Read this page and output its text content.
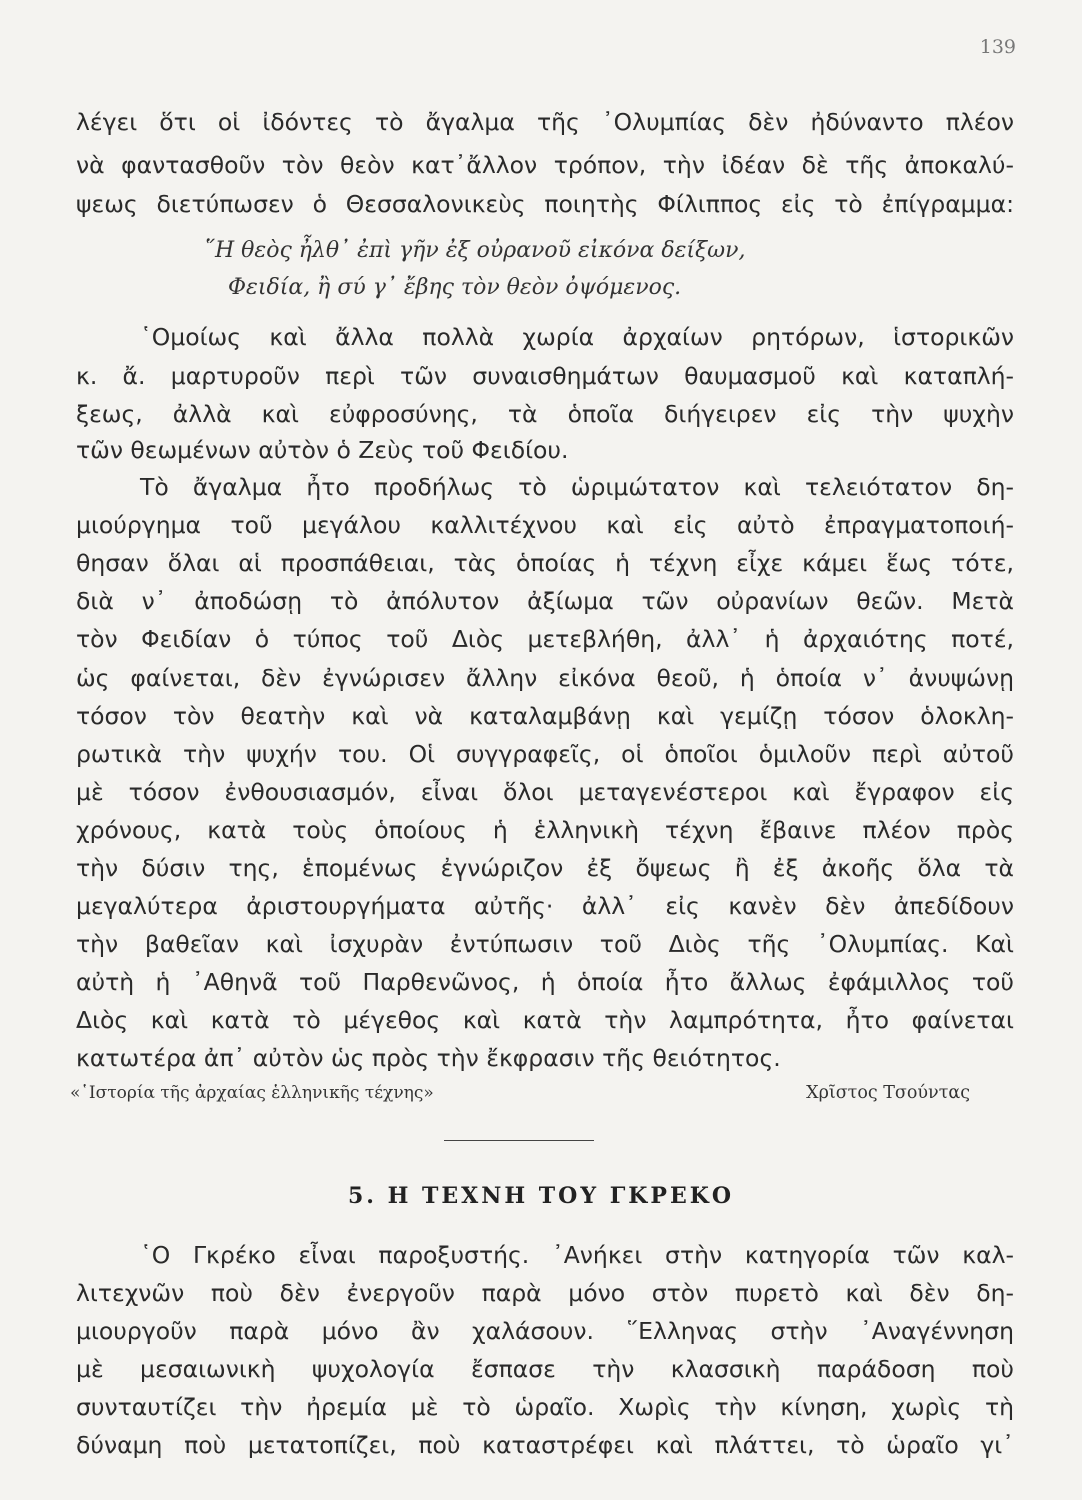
139
λέγει ὅτι οἱ ἰδόντες τὸ ἄγαλμα τῆς ᾿Ολυμπίας δὲν ἠδύναντο πλέον
νὰ φαντασθοῦν τὸν θεὸν κατ᾿ἄλλον τρόπον, τὴν ἰδέαν δὲ τῆς ἀποκαλύ-
ψεως διετύπωσεν ὁ Θεσσαλονικεὺς ποιητὴς Φίλιππος εἰς τὸ ἐπίγραμμα:
῞Η θεὸς ἦλθ᾿ ἐπὶ γῆν ἐξ οὐρανοῦ εἰκόνα δείξων,
Φειδία, ἢ σύ γ᾿ ἔβης τὸν θεὸν ὀψόμενος.
῾Ομοίως καὶ ἄλλα πολλὰ χωρία ἀρχαίων ρητόρων, ἱστορικῶν
κ. ἄ. μαρτυροῦν περὶ τῶν συναισθημάτων θαυμασμοῦ καὶ καταπλή-
ξεως, ἀλλὰ καὶ εὐφροσύνης, τὰ ὁποῖα διήγειρεν εἰς τὴν ψυχὴν
τῶν θεωμένων αὐτὸν ὁ Ζεὺς τοῦ Φειδίου.
Τὸ ἄγαλμα ἦτο προδήλως τὸ ὡριμώτατον καὶ τελειότατον δη-
μιούργημα τοῦ μεγάλου καλλιτέχνου καὶ εἰς αὐτὸ ἐπραγματοποιή-
θησαν ὅλαι αἱ προσπάθειαι, τὰς ὁποίας ἡ τέχνη εἶχε κάμει ἕως τότε,
διὰ ν᾿ ἀποδώσῃ τὸ ἀπόλυτον ἀξίωμα τῶν οὐρανίων θεῶν. Μετὰ
τὸν Φειδίαν ὁ τύπος τοῦ Διὸς μετεβλήθη, ἀλλ᾿ ἡ ἀρχαιότης ποτέ,
ὡς φαίνεται, δὲν ἐγνώρισεν ἄλλην εἰκόνα θεοῦ, ἡ ὁποία ν᾿ ἀνυψώνῃ
τόσον τὸν θεατὴν καὶ νὰ καταλαμβάνῃ καὶ γεμίζῃ τόσον ὁλοκλη-
ρωτικὰ τὴν ψυχήν του. Οἱ συγγραφεῖς, οἱ ὁποῖοι ὁμιλοῦν περὶ αὐτοῦ
μὲ τόσον ἐνθουσιασμόν, εἶναι ὅλοι μεταγενέστεροι καὶ ἔγραφον εἰς
χρόνους, κατὰ τοὺς ὁποίους ἡ ἑλληνικὴ τέχνη ἔβαινε πλέον πρὸς
τὴν δύσιν της, ἑπομένως ἐγνώριζον ἐξ ὄψεως ἢ ἐξ ἀκοῆς ὅλα τὰ
μεγαλύτερα ἀριστουργήματα αὐτῆς· ἀλλ᾿ εἰς κανὲν δὲν ἀπεδίδουν
τὴν βαθεῖαν καὶ ἰσχυρὰν ἐντύπωσιν τοῦ Διὸς τῆς ᾿Ολυμπίας. Καὶ
αὐτὴ ἡ ᾿Αθηνᾶ τοῦ Παρθενῶνος, ἡ ὁποία ἦτο ἄλλως ἐφάμιλλος τοῦ
Διὸς καὶ κατὰ τὸ μέγεθος καὶ κατὰ τὴν λαμπρότητα, ἦτο φαίνεται
κατωτέρα ἀπ᾿ αὐτὸν ὡς πρὸς τὴν ἔκφρασιν τῆς θειότητος.
«῾Ιστορία τῆς ἀρχαίας ἑλληνικῆς τέχνης»	Χρῖστος Τσούντας
5. Η ΤΕΧΝΗ ΤΟΥ ΓΚΡΕΚΟ
῾Ο Γκρέκο εἶναι παροξυστής. ᾿Ανήκει στὴν κατηγορία τῶν καλ-
λιτεχνῶν ποὺ δὲν ἐνεργοῦν παρὰ μόνο στὸν πυρετὸ καὶ δὲν δη-
μιουργοῦν παρὰ μόνο ἂν χαλάσουν. ῞Ελληνας στὴν ᾿Αναγέννηση
μὲ μεσαιωνικὴ ψυχολογία ἔσπασε τὴν κλασσικὴ παράδοση ποὺ
συνταυτίζει τὴν ἠρεμία μὲ τὸ ὡραῖο. Χωρὶς τὴν κίνηση, χωρὶς τὴ
δύναμη ποὺ μετατοπίζει, ποὺ καταστρέφει καὶ πλάττει, τὸ ὡραῖο γι᾿
